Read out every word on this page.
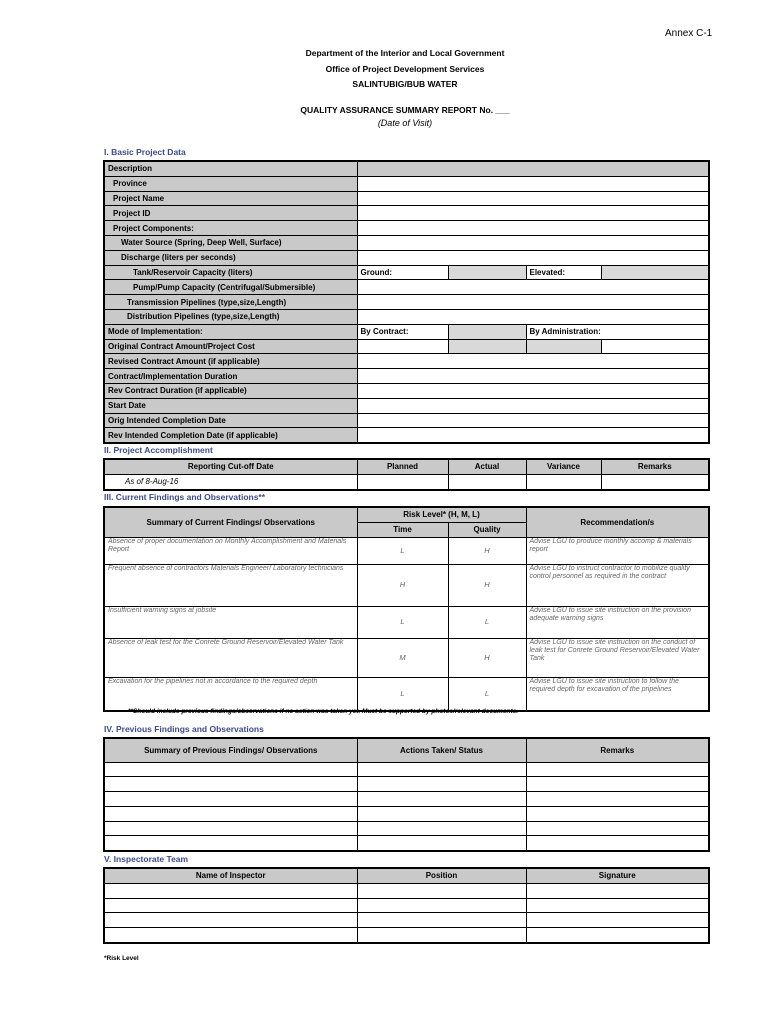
Annex C-1
Department of the Interior and Local Government
Office of Project Development Services
SALINTUBIG/BUB WATER
QUALITY ASSURANCE SUMMARY REPORT No. ___
(Date of Visit)
I. Basic Project Data
Description				
Province				
Project Name				
Project ID				
Project Components:				
Water Source (Spring, Deep Well, Surface)				
Discharge (liters per seconds)				
Tank/Reservoir Capacity (liters)	Ground:		Elevated:	
Pump/Pump Capacity (Centrifugal/Submersible)				
Transmission Pipelines (type,size,Length)				
Distribution Pipelines (type,size,Length)				
Mode of Implementation:	By Contract:		By Administration:	
Original Contract Amount/Project Cost				
Revised Contract Amount (if applicable)				
Contract/Implementation Duration				
Rev Contract Duration (if applicable)				
Start Date				
Orig Intended Completion Date				
Rev Intended Completion Date (if applicable)				
II. Project Accomplishment
Reporting Cut-off Date	Planned	Actual	Variance	Remarks
As of 8-Aug-16				
III. Current Findings and Observations**
Summary of Current Findings/ Observations	Risk Level* (H, M, L)		Recommendation/s
	Time	Quality	
Absence of proper documentation on Monthly Accomplishment and Materials Report	L	H	Advise LGU to produce monthly accomp & materials report
Frequent absence of contractors Materials Engineer/ Laboratory technicians	H	H	Advise LGU to instruct contractor to mobilize quality control personnel as required in the contract
Insufficient warning signs at jobsite	L	L	Advise LGU to issue site instruction on the provision adequate warning signs
Absence of leak test for the Conrete Ground Reservoir/Elevated Water Tank	M	H	Advise LGU to issue site instruction on the conduct of leak test for Conrete Ground Reservoir/Elevated Water Tank
Excavation for the pipelines not in accordance to the required depth	L	L	Advise LGU to issue site instruction to follow the required depth for excavation of the pripelines
**Should include previous findings/observations if no action was taken yet. Must be supported by photos/relevant documents.
IV. Previous Findings and Observations
Summary of Previous Findings/ Observations	Actions Taken/ Status	Remarks

V. Inspectorate Team
Name of Inspector	Position	Signature

*Risk Level
